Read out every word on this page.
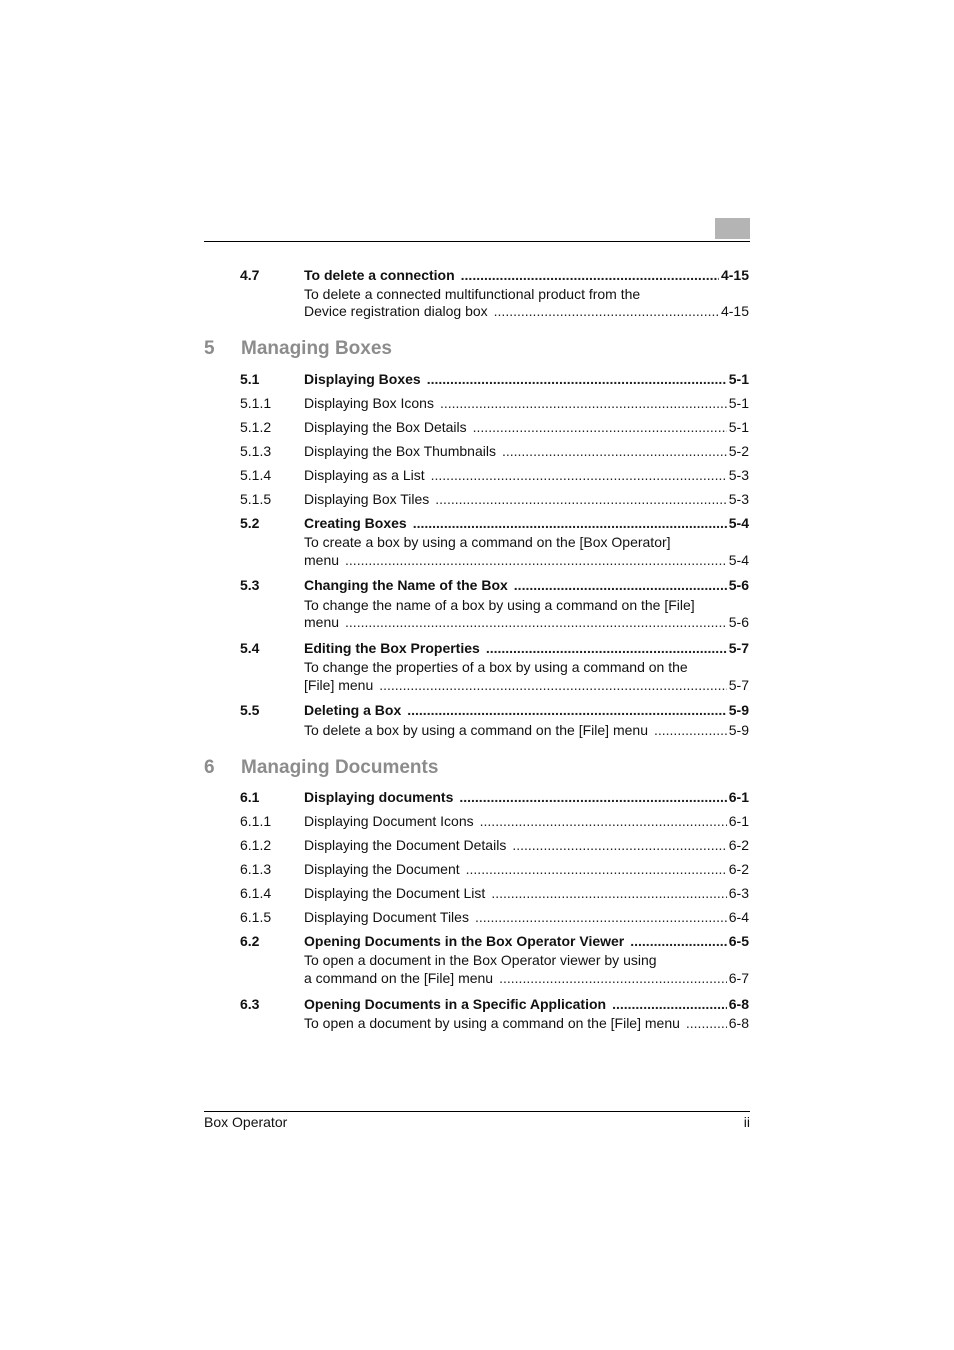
4.7	To delete a connection .....	4-15
To delete a connected multifunctional product from the
Device registration dialog box .....	4-15
5 Managing Boxes
5.1	Displaying Boxes .....	5-1
5.1.1 Displaying Box Icons .....	5-1
5.1.2 Displaying the Box Details .....	5-1
5.1.3 Displaying the Box Thumbnails .....	5-2
5.1.4 Displaying as a List .....	5-3
5.1.5 Displaying Box Tiles .....	5-3
5.2	Creating Boxes .....	5-4
To create a box by using a command on the [Box Operator]
menu .....	5-4
5.3	Changing the Name of the Box .....	5-6
To change the name of a box by using a command on the [File]
menu .....	5-6
5.4	Editing the Box Properties .....	5-7
To change the properties of a box by using a command on the
[File] menu .....	5-7
5.5	Deleting a Box .....	5-9
To delete a box by using a command on the [File] menu .....	5-9
6 Managing Documents
6.1	Displaying documents .....	6-1
6.1.1 Displaying Document Icons .....	6-1
6.1.2 Displaying the Document Details .....	6-2
6.1.3 Displaying the Document .....	6-2
6.1.4 Displaying the Document List .....	6-3
6.1.5 Displaying Document Tiles .....	6-4
6.2	Opening Documents in the Box Operator Viewer .....	6-5
To open a document in the Box Operator viewer by using
a command on the [File] menu .....	6-7
6.3	Opening Documents in a Specific Application .....	6-8
To open a document by using a command on the [File] menu .....	6-8
Box Operator	ii
